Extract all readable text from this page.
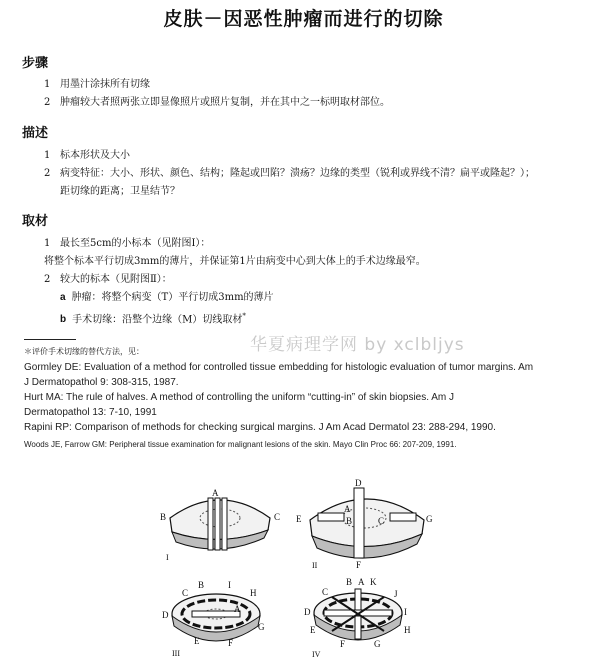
皮肤－因恶性肿瘤而进行的切除
步骤
1 用墨汁涂抹所有切缘
2 肿瘤较大者照两张立即显像照片或照片复制，并在其中之一标明取材部位。
描述
1 标本形状及大小
2 病变特征：大小、形状、颜色、结构；隆起或凹陷？溃疡？边缘的类型（锐利或界线不清？扁平或隆起？）；
距切缘的距离；卫星结节？
取材
1 最长至5cm的小标本（见附图Ⅰ）：
将整个标本平行切成3mm的薄片，并保证第1片由病变中心到大体上的手术边缘最窄。
2 较大的标本（见附图Ⅱ）：
a 肿瘤：将整个病变（T）平行切成3mm的薄片
b 手术切缘：沿整个边缘（M）切线取材*
华夏病理学网 by xclbljys
＊评价手术切缘的替代方法，见：
Gormley DE: Evaluation of a method for controlled tissue embedding for histologic evaluation of tumor margins. Am
J Dermatopathol 9: 308-315, 1987.
Hurt MA: The rule of halves. A method of controlling the uniform “cutting-in” of skin biopsies. Am J
Dermatopathol 13: 7-10, 1991
Rapini RP: Comparison of methods for checking surgical margins. J Am Acad Dermatol 23: 288-294, 1990.
Woods JE, Farrow GM: Peripheral tissue examination for malignant lesions of the skin. Mayo Clin Proc 66: 207-209, 1991.
A
B	C
I
D
A
E	B	C	G
F
II
B	I
C	H
A
D
G
E	F
III
B A K
C	J
D	I
E	H
F	G
IV
